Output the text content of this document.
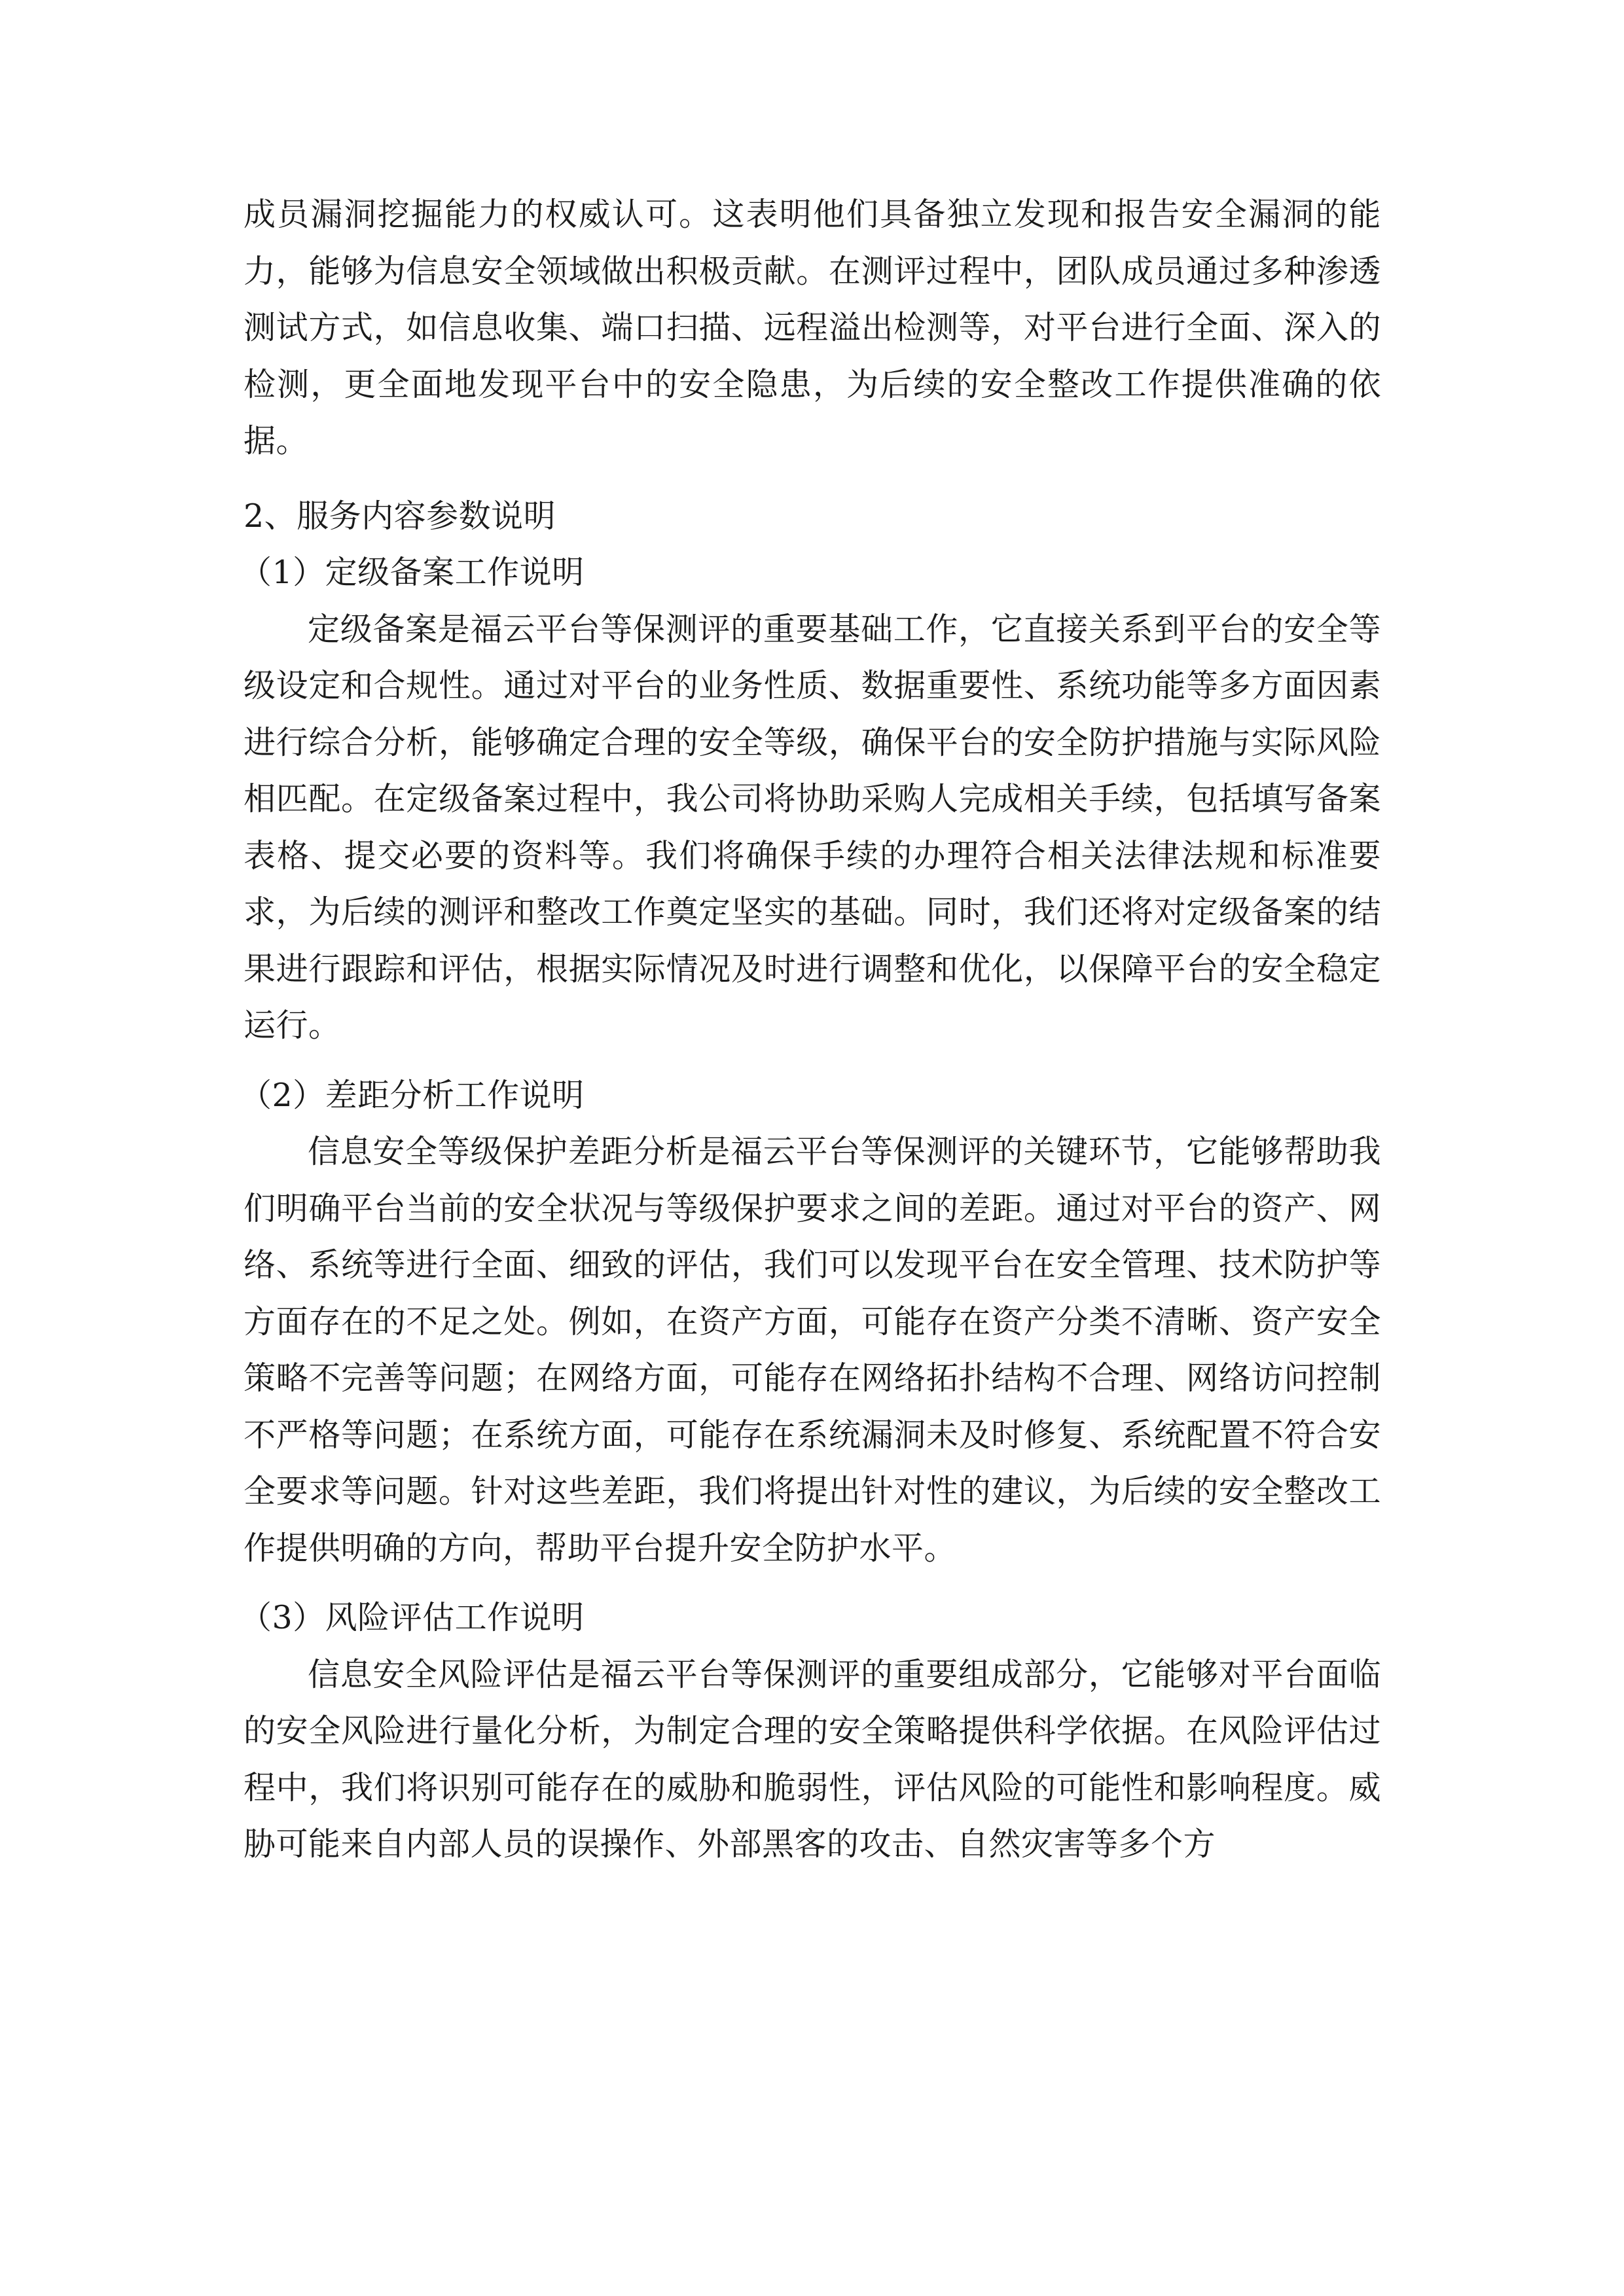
成员漏洞挖掘能力的权威认可。这表明他们具备独立发现和报告安全漏洞的能力，能够为信息安全领域做出积极贡献。在测评过程中，团队成员通过多种渗透测试方式，如信息收集、端口扫描、远程溢出检测等，对平台进行全面、深入的检测，更全面地发现平台中的安全隐患，为后续的安全整改工作提供准确的依据。

2、服务内容参数说明

（1）定级备案工作说明

定级备案是福云平台等保测评的重要基础工作，它直接关系到平台的安全等级设定和合规性。通过对平台的业务性质、数据重要性、系统功能等多方面因素进行综合分析，能够确定合理的安全等级，确保平台的安全防护措施与实际风险相匹配。在定级备案过程中，我公司将协助采购人完成相关手续，包括填写备案表格、提交必要的资料等。我们将确保手续的办理符合相关法律法规和标准要求，为后续的测评和整改工作奠定坚实的基础。同时，我们还将对定级备案的结果进行跟踪和评估，根据实际情况及时进行调整和优化，以保障平台的安全稳定运行。

（2）差距分析工作说明

信息安全等级保护差距分析是福云平台等保测评的关键环节，它能够帮助我们明确平台当前的安全状况与等级保护要求之间的差距。通过对平台的资产、网络、系统等进行全面、细致的评估，我们可以发现平台在安全管理、技术防护等方面存在的不足之处。例如，在资产方面，可能存在资产分类不清晰、资产安全策略不完善等问题；在网络方面，可能存在网络拓扑结构不合理、网络访问控制不严格等问题；在系统方面，可能存在系统漏洞未及时修复、系统配置不符合安全要求等问题。针对这些差距，我们将提出针对性的建议，为后续的安全整改工作提供明确的方向，帮助平台提升安全防护水平。

（3）风险评估工作说明

信息安全风险评估是福云平台等保测评的重要组成部分，它能够对平台面临的安全风险进行量化分析，为制定合理的安全策略提供科学依据。在风险评估过程中，我们将识别可能存在的威胁和脆弱性，评估风险的可能性和影响程度。威胁可能来自内部人员的误操作、外部黑客的攻击、自然灾害等多个方
